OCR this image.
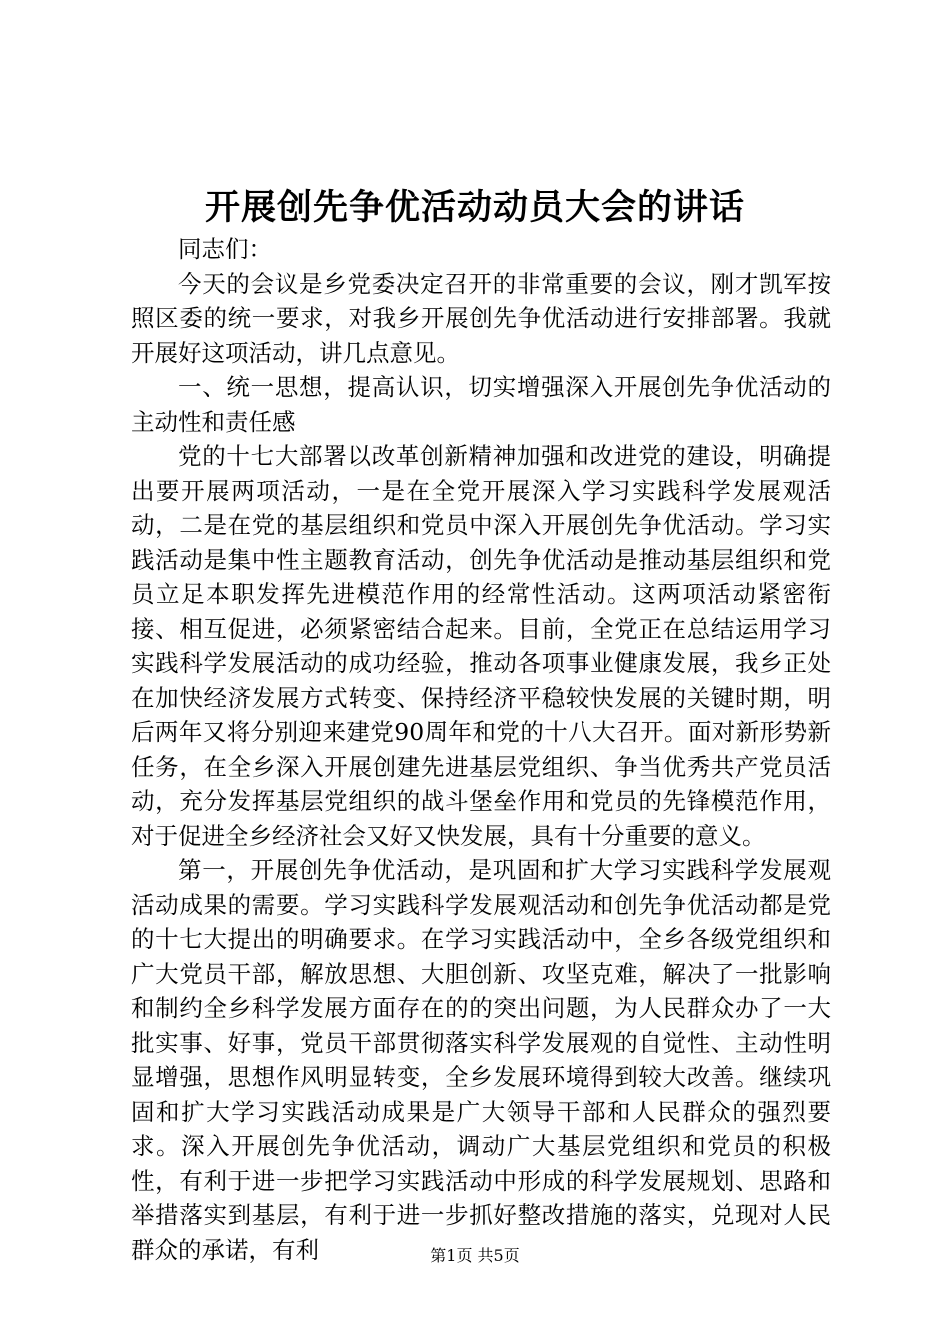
开展创先争优活动动员大会的讲话

同志们：

今天的会议是乡党委决定召开的非常重要的会议，刚才凯军按照区委的统一要求，对我乡开展创先争优活动进行安排部署。我就开展好这项活动，讲几点意见。

一、统一思想，提高认识，切实增强深入开展创先争优活动的主动性和责任感

党的十七大部署以改革创新精神加强和改进党的建设，明确提出要开展两项活动，一是在全党开展深入学习实践科学发展观活动，二是在党的基层组织和党员中深入开展创先争优活动。学习实践活动是集中性主题教育活动，创先争优活动是推动基层组织和党员立足本职发挥先进模范作用的经常性活动。这两项活动紧密衔接、相互促进，必须紧密结合起来。目前，全党正在总结运用学习实践科学发展活动的成功经验，推动各项事业健康发展，我乡正处在加快经济发展方式转变、保持经济平稳较快发展的关键时期，明后两年又将分别迎来建党90周年和党的十八大召开。面对新形势新任务，在全乡深入开展创建先进基层党组织、争当优秀共产党员活动，充分发挥基层党组织的战斗堡垒作用和党员的先锋模范作用，对于促进全乡经济社会又好又快发展，具有十分重要的意义。

第一，开展创先争优活动，是巩固和扩大学习实践科学发展观活动成果的需要。学习实践科学发展观活动和创先争优活动都是党的十七大提出的明确要求。在学习实践活动中，全乡各级党组织和广大党员干部，解放思想、大胆创新、攻坚克难，解决了一批影响和制约全乡科学发展方面存在的的突出问题，为人民群众办了一大批实事、好事，党员干部贯彻落实科学发展观的自觉性、主动性明显增强，思想作风明显转变，全乡发展环境得到较大改善。继续巩固和扩大学习实践活动成果是广大领导干部和人民群众的强烈要求。深入开展创先争优活动，调动广大基层党组织和党员的积极性，有利于进一步把学习实践活动中形成的科学发展规划、思路和举措落实到基层，有利于进一步抓好整改措施的落实，兑现对人民群众的承诺，有利	第1页 共5页
